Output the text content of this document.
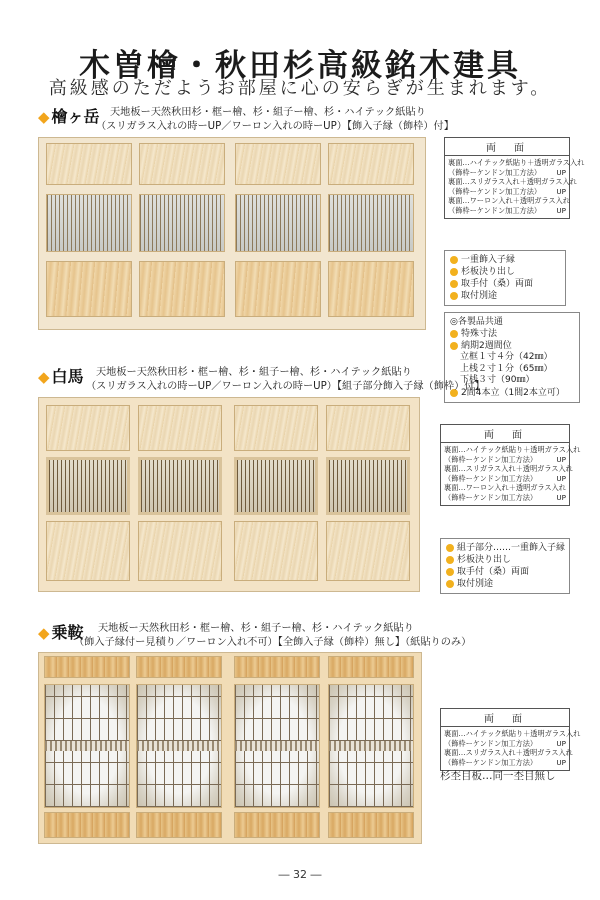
木曽檜・秋田杉高級銘木建具
高級感のただようお部屋に心の安らぎが生まれます。
◆ 檜ヶ岳 天地板ー天然秋田杉・框ー檜、杉・組子ー檜、杉・ハイテック紙貼り
（スリガラス入れの時ーUP／ワーロン入れの時ーUP）【飾入子縁（飾枠）付】
両　面
裏面…ハイテック紙貼り＋透明ガラス入れ
（飾枠ーケンドン加工方法） UP
裏面…スリガラス入れ＋透明ガラス入れ
（飾枠ーケンドン加工方法） UP
裏面…ワーロン入れ＋透明ガラス入れ
（飾枠ーケンドン加工方法） UP
一重飾入子縁
杉板決り出し
取手付（桑）両面
取付別途
◎各製品共通
特殊寸法
納期2週間位
立框１寸４分（42㎜）
上桟２寸１分（65㎜）
下桟３寸（90㎜）
2間4本立（1間2本立可）
◆ 白馬 天地板ー天然秋田杉・框ー檜、杉・組子ー檜、杉・ハイテック紙貼り
（スリガラス入れの時ーUP／ワーロン入れの時ーUP）【組子部分飾入子縁（飾枠）付】
両　面
裏面…ハイテック紙貼り＋透明ガラス入れ
（飾枠ーケンドン加工方法）	UP
裏面…スリガラス入れ＋透明ガラス入れ
（飾枠ーケンドン加工方法）	UP
裏面…ワーロン入れ＋透明ガラス入れ
（飾枠ーケンドン加工方法）	UP
組子部分……一重飾入子縁
杉板決り出し
取手付（桑）両面
取付別途
◆ 乗鞍 天地板ー天然秋田杉・框ー檜、杉・組子ー檜、杉・ハイテック紙貼り
（飾入子縁付ー見積り／ワーロン入れ不可）【全飾入子縁（飾枠）無し】（紙貼りのみ）
両　面
裏面…ハイテック紙貼り＋透明ガラス入れ
（飾枠ーケンドン加工方法）	UP
裏面…スリガラス入れ＋透明ガラス入れ
（飾枠ーケンドン加工方法）	UP
杉杢目板…同一杢目無し
― 32 ―
